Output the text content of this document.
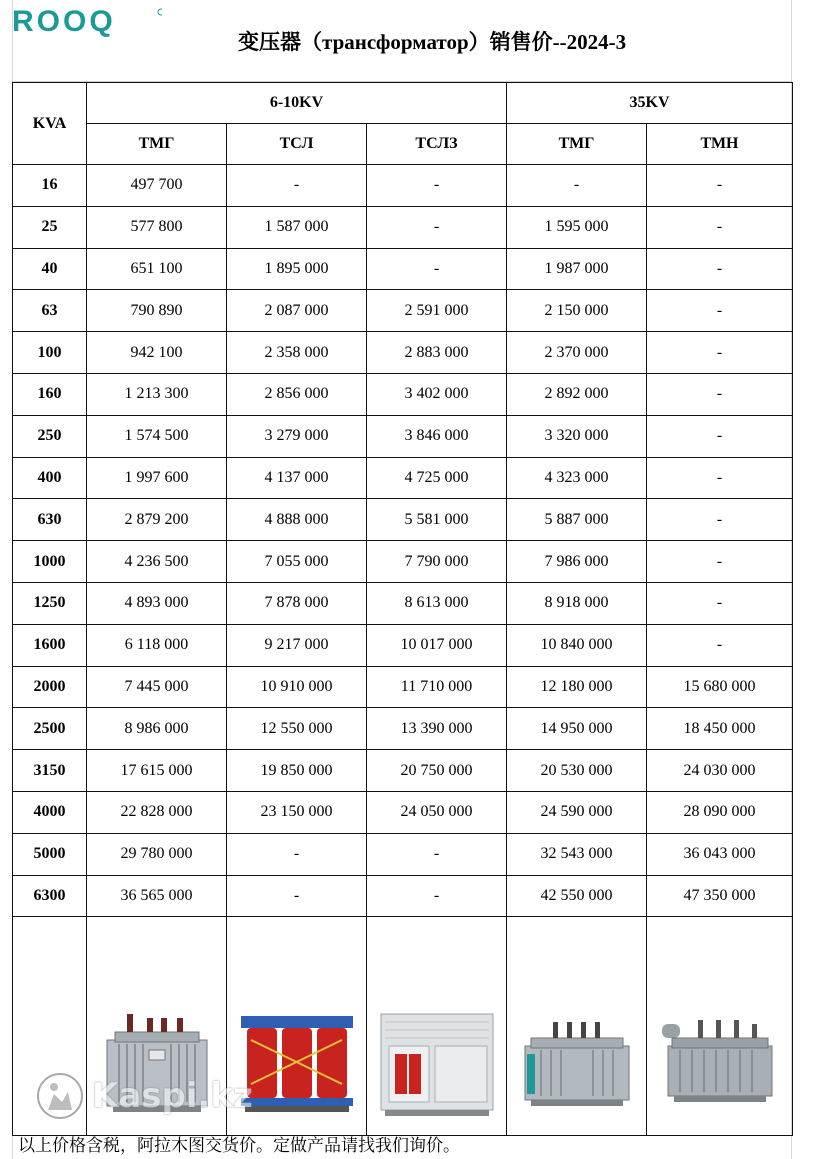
ROOQ
变压器（трансформатор）销售价--2024-3
KVA	6-10KV			35KV	
	ТМГ	ТСЛ	ТСЛЗ	ТМГ	ТМН
16	497 700	-	-	-	-
25	577 800	1 587 000	-	1 595 000	-
40	651 100	1 895 000	-	1 987 000	-
63	790 890	2 087 000	2 591 000	2 150 000	-
100	942 100	2 358 000	2 883 000	2 370 000	-
160	1 213 300	2 856 000	3 402 000	2 892 000	-
250	1 574 500	3 279 000	3 846 000	3 320 000	-
400	1 997 600	4 137 000	4 725 000	4 323 000	-
630	2 879 200	4 888 000	5 581 000	5 887 000	-
1000	4 236 500	7 055 000	7 790 000	7 986 000	-
1250	4 893 000	7 878 000	8 613 000	8 918 000	-
1600	6 118 000	9 217 000	10 017 000	10 840 000	-
2000	7 445 000	10 910 000	11 710 000	12 180 000	15 680 000
2500	8 986 000	12 550 000	13 390 000	14 950 000	18 450 000
3150	17 615 000	19 850 000	20 750 000	20 530 000	24 030 000
4000	22 828 000	23 150 000	24 050 000	24 590 000	28 090 000
5000	29 780 000	-	-	32 543 000	36 043 000
6300	36 565 000	-	-	42 550 000	47 350 000

Kaspi.kz
以上价格含税，阿拉木图交货价。定做产品请找我们询价。
